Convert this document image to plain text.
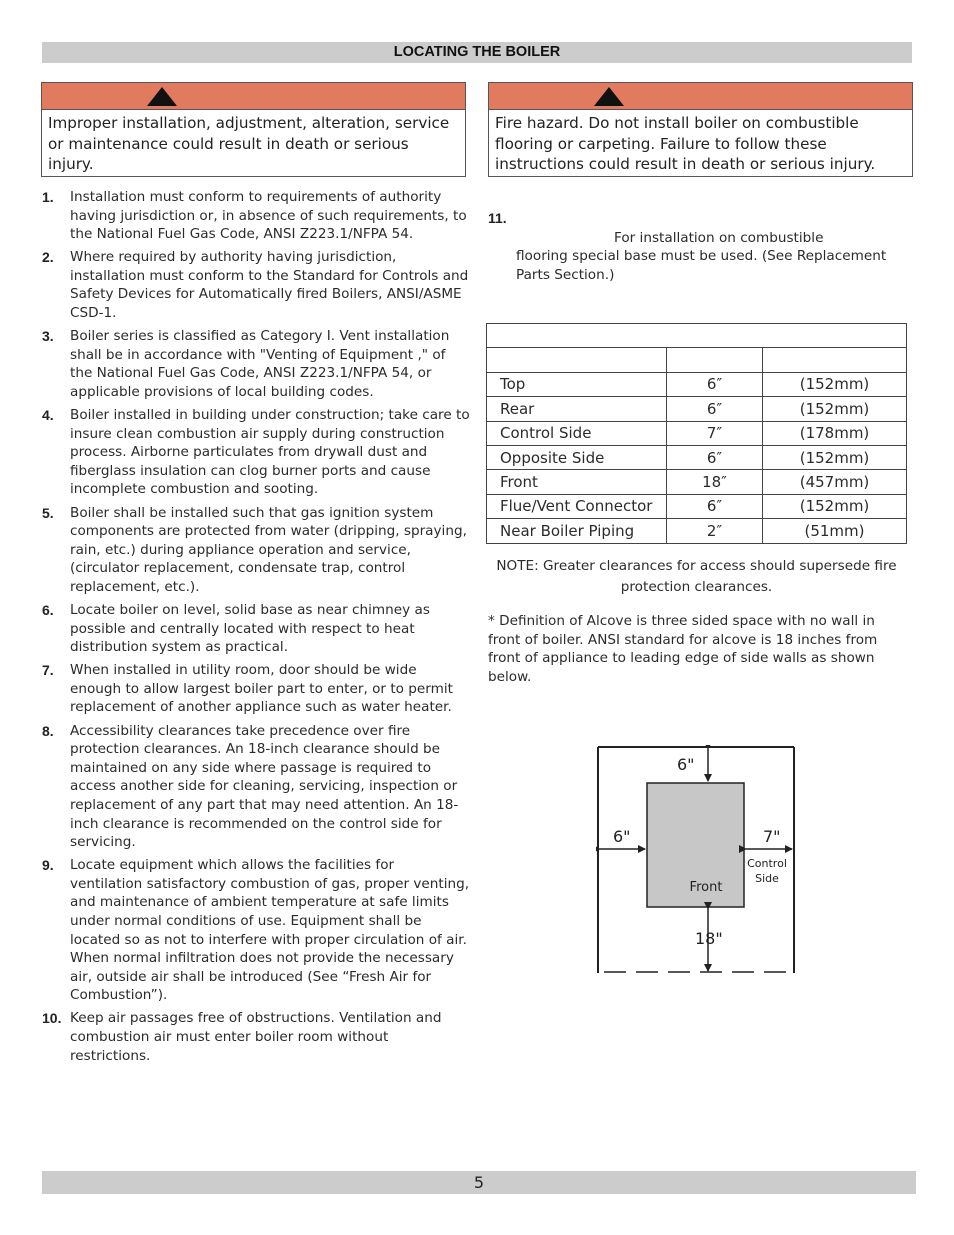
LOCATING THE BOILER
Improper installation, adjustment, alteration, service or maintenance could result in death or serious injury.
Fire hazard. Do not install boiler on combustible flooring or carpeting. Failure to follow these instructions could result in death or serious injury.
1. Installation must conform to requirements of authority having jurisdiction or, in absence of such requirements, to the National Fuel Gas Code, ANSI Z223.1/NFPA 54.
2. Where required by authority having jurisdiction, installation must conform to the Standard for Controls and Safety Devices for Automatically fired Boilers, ANSI/ASME CSD-1.
3. Boiler series is classified as Category I. Vent installation shall be in accordance with "Venting of Equipment ," of the National Fuel Gas Code, ANSI Z223.1/NFPA 54, or applicable provisions of local building codes.
4. Boiler installed in building under construction; take care to insure clean combustion air supply during construction process. Airborne particulates from drywall dust and fiberglass insulation can clog burner ports and cause incomplete combustion and sooting.
5. Boiler shall be installed such that gas ignition system components are protected from water (dripping, spraying, rain, etc.) during appliance operation and service, (circulator replacement, condensate trap, control replacement, etc.).
6. Locate boiler on level, solid base as near chimney as possible and centrally located with respect to heat distribution system as practical.
7. When installed in utility room, door should be wide enough to allow largest boiler part to enter, or to permit replacement of another appliance such as water heater.
8. Accessibility clearances take precedence over fire protection clearances. An 18-inch clearance should be maintained on any side where passage is required to access another side for cleaning, servicing, inspection or replacement of any part that may need attention. An 18-inch clearance is recommended on the control side for servicing.
9. Locate equipment which allows the facilities for ventilation satisfactory combustion of gas, proper venting, and maintenance of ambient temperature at safe limits under normal conditions of use. Equipment shall be located so as not to interfere with proper circulation of air. When normal infiltration does not provide the necessary air, outside air shall be introduced (See “Fresh Air for Combustion”).
10. Keep air passages free of obstructions. Ventilation and combustion air must enter boiler room without restrictions.
11.
For installation on combustible
flooring special base must be used. (See Replacement Parts Section.)

Top	6″	(152mm)
Rear	6″	(152mm)
Control Side	7″	(178mm)
Opposite Side	6″	(152mm)
Front	18″	(457mm)
Flue/Vent Connector	6″	(152mm)
Near Boiler Piping	2″	(51mm)
NOTE: Greater clearances for access should supersede fire protection clearances.
* Definition of Alcove is three sided space with no wall in front of boiler. ANSI standard for alcove is 18 inches from front of appliance to leading edge of side walls as shown below.
6"
6"	7"
Control
Side
Front
18"
5
